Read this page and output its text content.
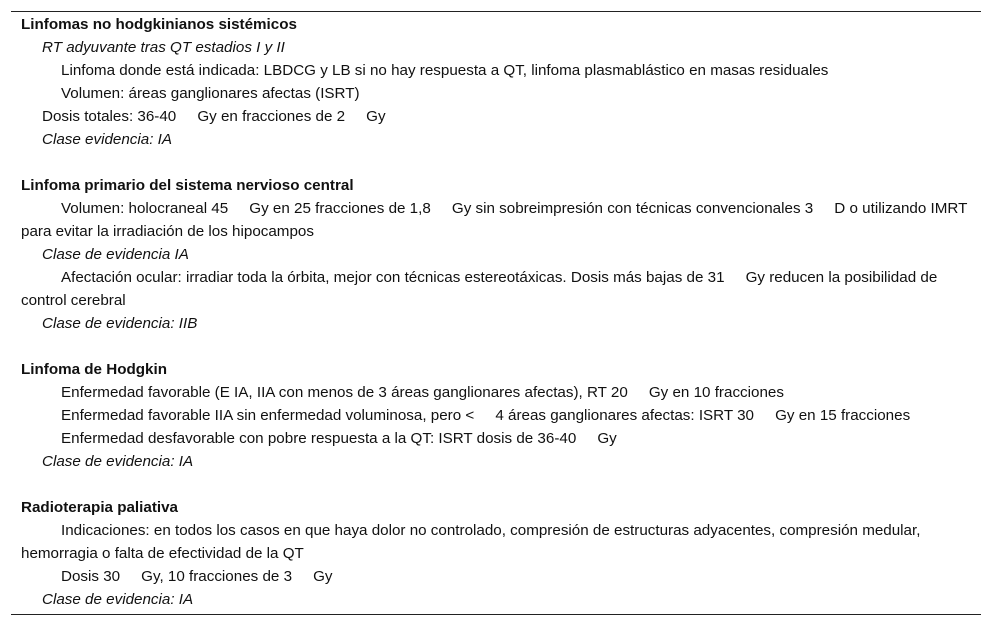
Linfomas no hodgkinianos sistémicos
RT adyuvante tras QT estadios I y II
Linfoma donde está indicada: LBDCG y LB si no hay respuesta a QT, linfoma plasmablástico en masas residuales
Volumen: áreas ganglionares afectas (ISRT)
Dosis totales: 36-40     Gy en fracciones de 2     Gy
Clase evidencia: IA
Linfoma primario del sistema nervioso central
Volumen: holocraneal 45     Gy en 25 fracciones de 1,8     Gy sin sobreimpresión con técnicas convencionales 3     D o utilizando IMRT para evitar la irradiación de los hipocampos
Clase de evidencia IA
Afectación ocular: irradiar toda la órbita, mejor con técnicas estereotáxicas. Dosis más bajas de 31     Gy reducen la posibilidad de control cerebral
Clase de evidencia: IIB
Linfoma de Hodgkin
Enfermedad favorable (E IA, IIA con menos de 3 áreas ganglionares afectas), RT 20     Gy en 10 fracciones
Enfermedad favorable IIA sin enfermedad voluminosa, pero <     4 áreas ganglionares afectas: ISRT 30     Gy en 15 fracciones
Enfermedad desfavorable con pobre respuesta a la QT: ISRT dosis de 36-40     Gy
Clase de evidencia: IA
Radioterapia paliativa
Indicaciones: en todos los casos en que haya dolor no controlado, compresión de estructuras adyacentes, compresión medular, hemorragia o falta de efectividad de la QT
Dosis 30     Gy, 10 fracciones de 3     Gy
Clase de evidencia: IA
